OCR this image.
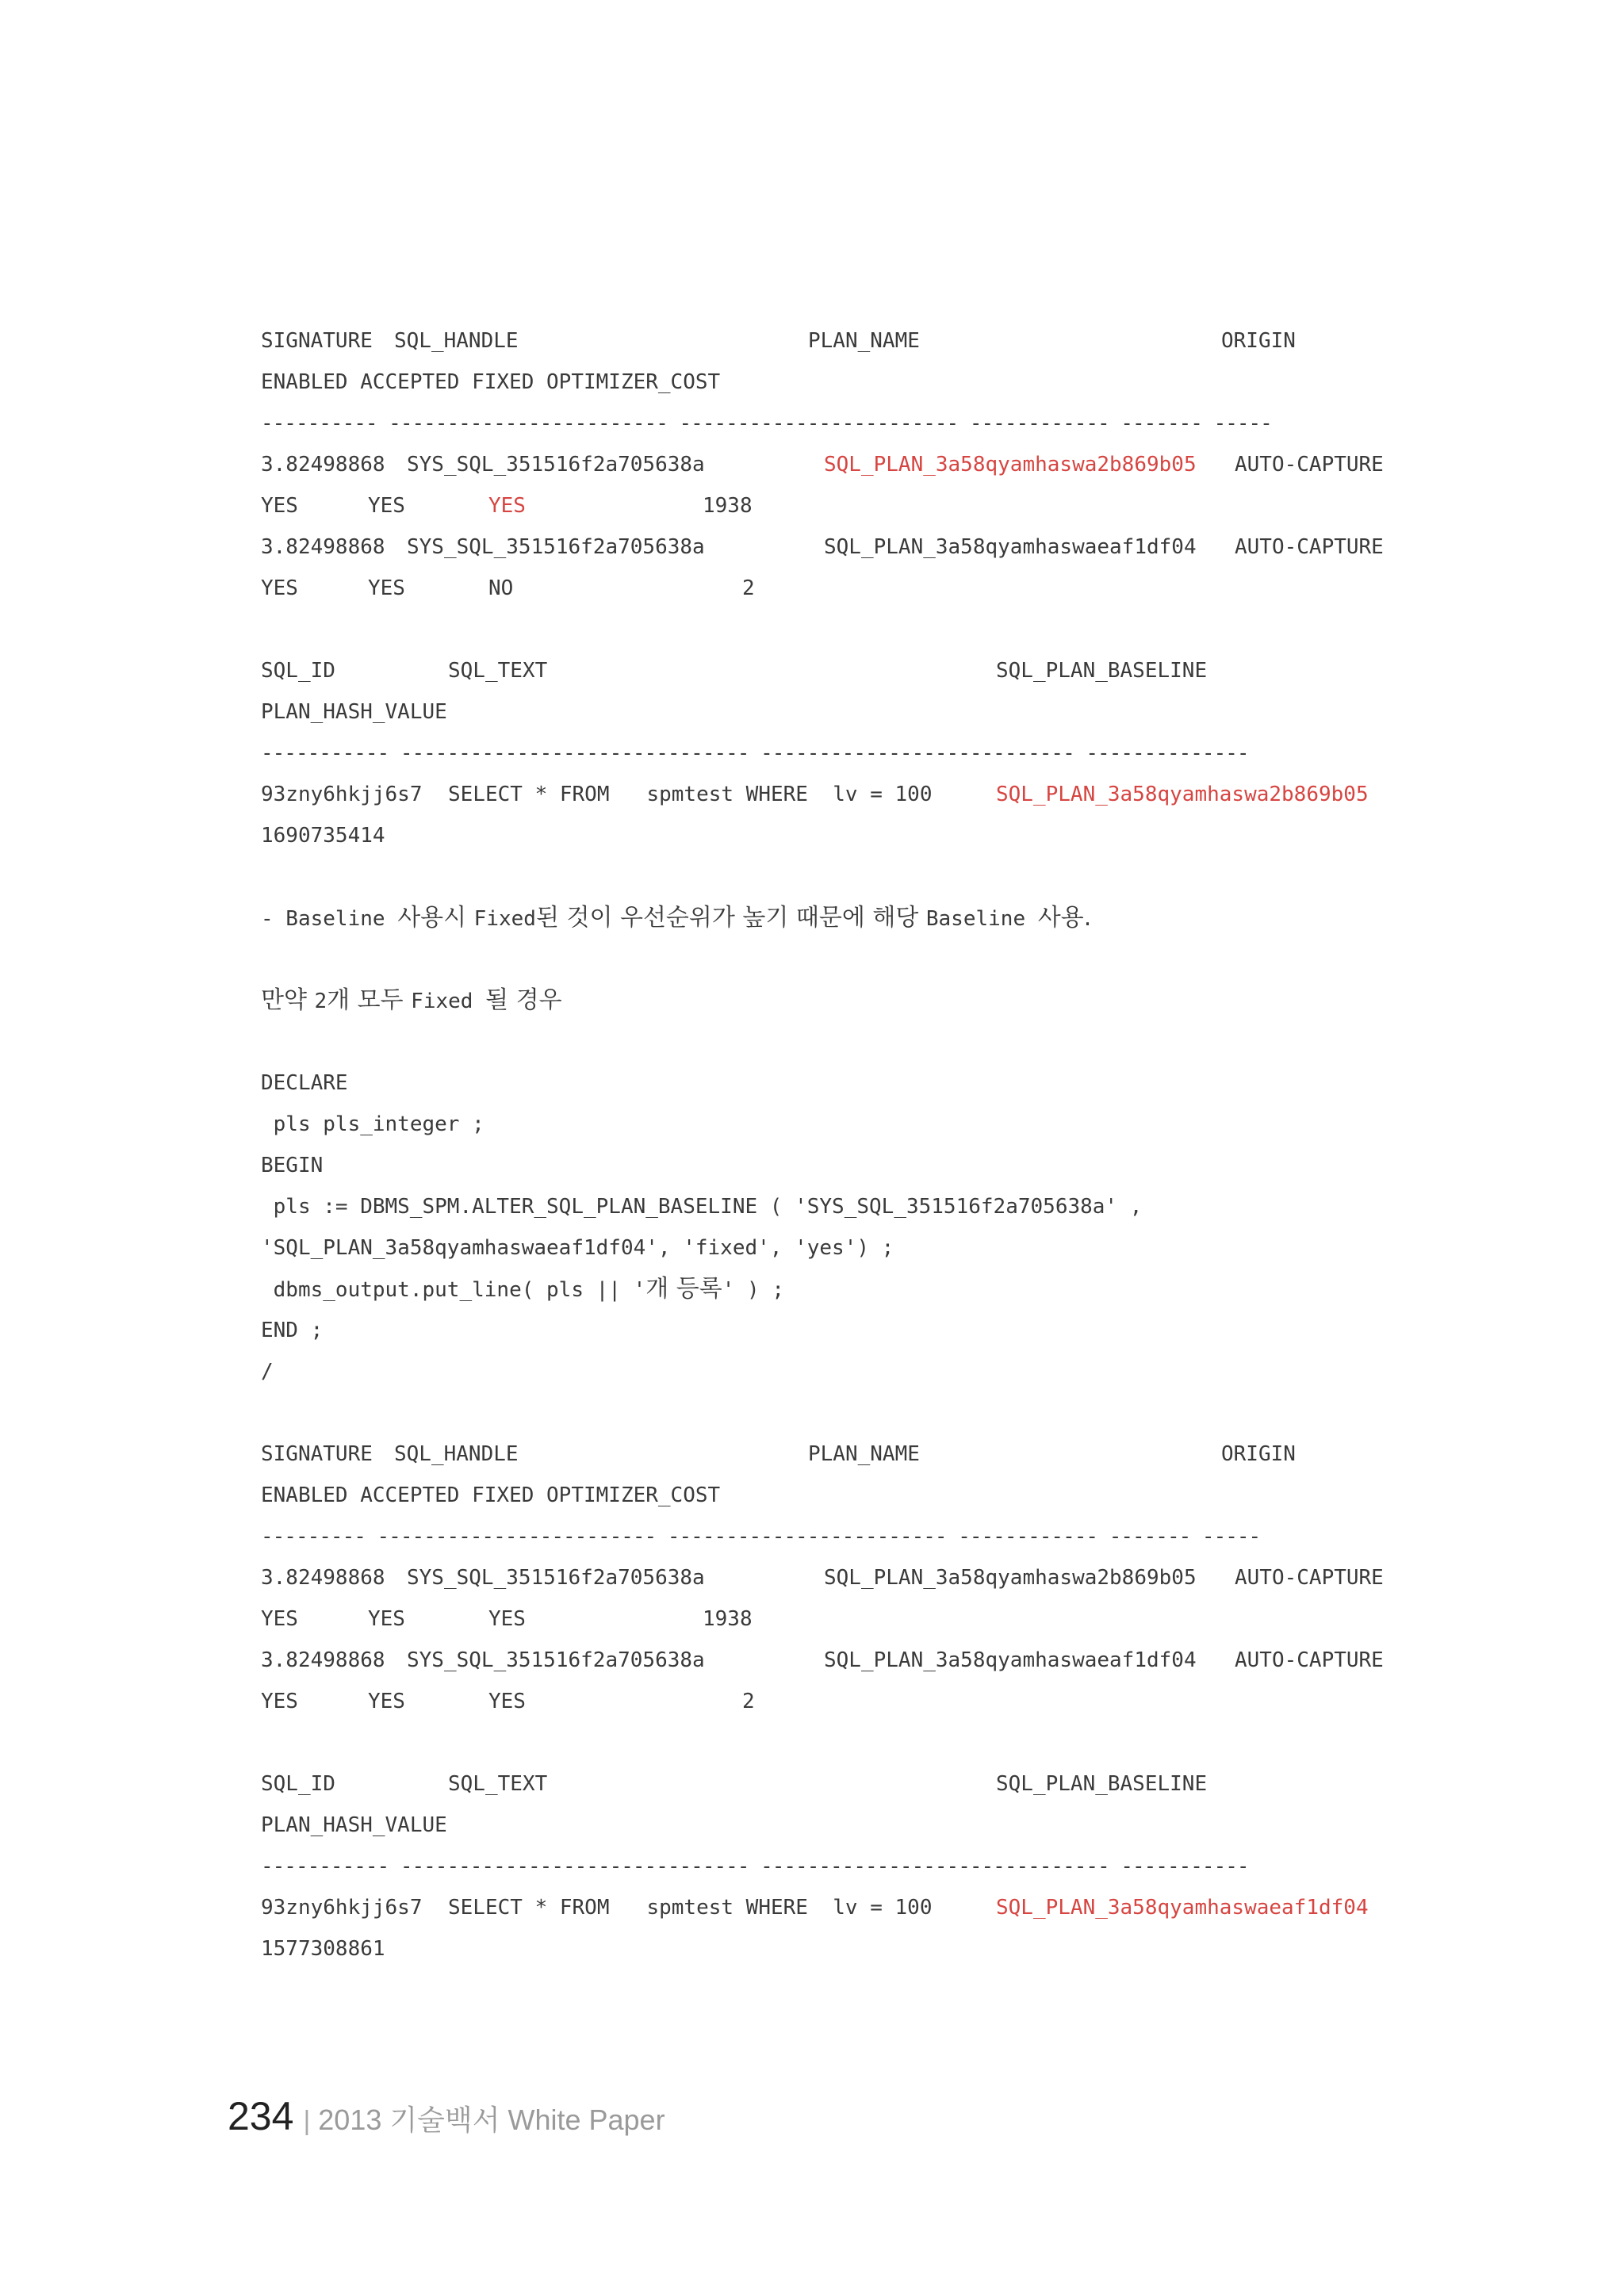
SIGNATURE	SQL_HANDLE	PLAN_NAME	ORIGIN
ENABLED ACCEPTED FIXED OPTIMIZER_COST
---------- ------------------------ ------------------------ ------------ ------- -----
3.82498868	SYS_SQL_351516f2a705638a	SQL_PLAN_3a58qyamhaswa2b869b05	AUTO-CAPTURE
YES	YES	YES	1938
3.82498868	SYS_SQL_351516f2a705638a	SQL_PLAN_3a58qyamhaswaeaf1df04	AUTO-CAPTURE
YES	YES	NO	2
SQL_ID	SQL_TEXT	SQL_PLAN_BASELINE
PLAN_HASH_VALUE
----------- ------------------------------ --------------------------- --------------
93zny6hkjj6s7	SELECT * FROM   spmtest WHERE  lv = 100	SQL_PLAN_3a58qyamhaswa2b869b05
1690735414
- Baseline 사용시 Fixed된 것이 우선순위가 높기 때문에 해당 Baseline 사용.
만약 2개 모두 Fixed 될 경우
DECLARE
pls pls_integer ;
BEGIN
pls := DBMS_SPM.ALTER_SQL_PLAN_BASELINE ( 'SYS_SQL_351516f2a705638a' ,
'SQL_PLAN_3a58qyamhaswaeaf1df04', 'fixed', 'yes') ;
dbms_output.put_line( pls || '개 등록' ) ;
END ;
/
SIGNATURE	SQL_HANDLE	PLAN_NAME	ORIGIN
ENABLED ACCEPTED FIXED OPTIMIZER_COST
--------- ------------------------ ------------------------ ------------ ------- -----
3.82498868	SYS_SQL_351516f2a705638a	SQL_PLAN_3a58qyamhaswa2b869b05	AUTO-CAPTURE
YES	YES	YES	1938
3.82498868	SYS_SQL_351516f2a705638a	SQL_PLAN_3a58qyamhaswaeaf1df04	AUTO-CAPTURE
YES	YES	YES	2
SQL_ID	SQL_TEXT	SQL_PLAN_BASELINE
PLAN_HASH_VALUE
----------- ------------------------------ ------------------------------ -----------
93zny6hkjj6s7	SELECT * FROM   spmtest WHERE  lv = 100	SQL_PLAN_3a58qyamhaswaeaf1df04
1577308861
234 | 2013 기술백서 White Paper
